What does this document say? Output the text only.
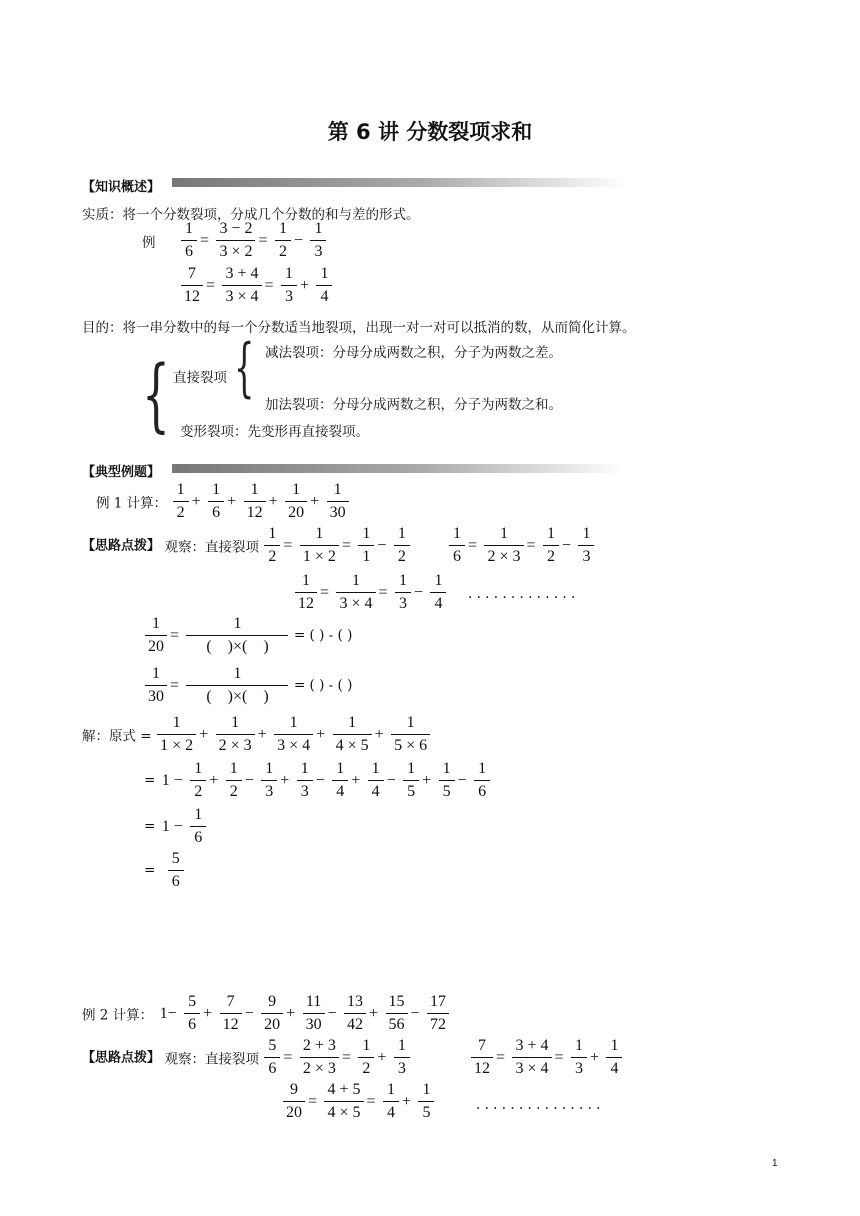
第 6 讲 分数裂项求和
【知识概述】
实质：将一个分数裂项，分成几个分数的和与差的形式。
例 $\frac{1}{6} = \frac{3 - 2}{3 \times 2} = \frac{1}{2} - \frac{1}{3}$
$\frac{7}{12} = \frac{3 + 4}{3 \times 4} = \frac{1}{3} + \frac{1}{4}$
目的：将一串分数中的每一个分数适当地裂项，出现一对一对可以抵消的数，从而简化计算。
{ {
直接裂项
减法裂项：分母分成两数之积，分子为两数之差。
加法裂项：分母分成两数之积，分子为两数之和。
变形裂项：先变形再直接裂项。
【典型例题】
例 1 计算： $\frac{1}{2} + \frac{1}{6} + \frac{1}{12} + \frac{1}{20} + \frac{1}{30}$
【思路点拨】 观察：直接裂项 $\frac{1}{2} = \frac{1}{1 \times 2} = \frac{1}{1} - \frac{1}{2} \frac{1}{6} = \frac{1}{2 \times 3} = \frac{1}{2} - \frac{1}{3}$
$\frac{1}{12} = \frac{1}{3 \times 4} = \frac{1}{3} - \frac{1}{4}$ . . . . . . . . . . . . .
$\frac{1}{20}$ =
1
(    )×(    )
= ( ) - ( )
$\frac{1}{30}$ =
1
(    )×(    )
= ( ) - ( )
解：原式 = $\frac{1}{1 \times 2} + \frac{1}{2 \times 3} + \frac{1}{3 \times 4} + \frac{1}{4 \times 5} + \frac{1}{5 \times 6}$
= $1 - \frac{1}{2} + \frac{1}{2} - \frac{1}{3} + \frac{1}{3} - \frac{1}{4} + \frac{1}{4} - \frac{1}{5} + \frac{1}{5} - \frac{1}{6}$
= $1 - \frac{1}{6}$
= $\frac{5}{6}$
例 2 计算： $1- \frac{5}{6} + \frac{7}{12} - \frac{9}{20} + \frac{11}{30} - \frac{13}{42} + \frac{15}{56} - \frac{17}{72}$
【思路点拨】 观察：直接裂项 $\frac{5}{6} = \frac{2 + 3}{2 \times 3} = \frac{1}{2} + \frac{1}{3}$	$\frac{7}{12} = \frac{3 + 4}{3 \times 4} = \frac{1}{3} + \frac{1}{4}$
$\frac{9}{20} = \frac{4 + 5}{4 \times 5} = \frac{1}{4} + \frac{1}{5}$	. . . . . . . . . . . . . . .
1
